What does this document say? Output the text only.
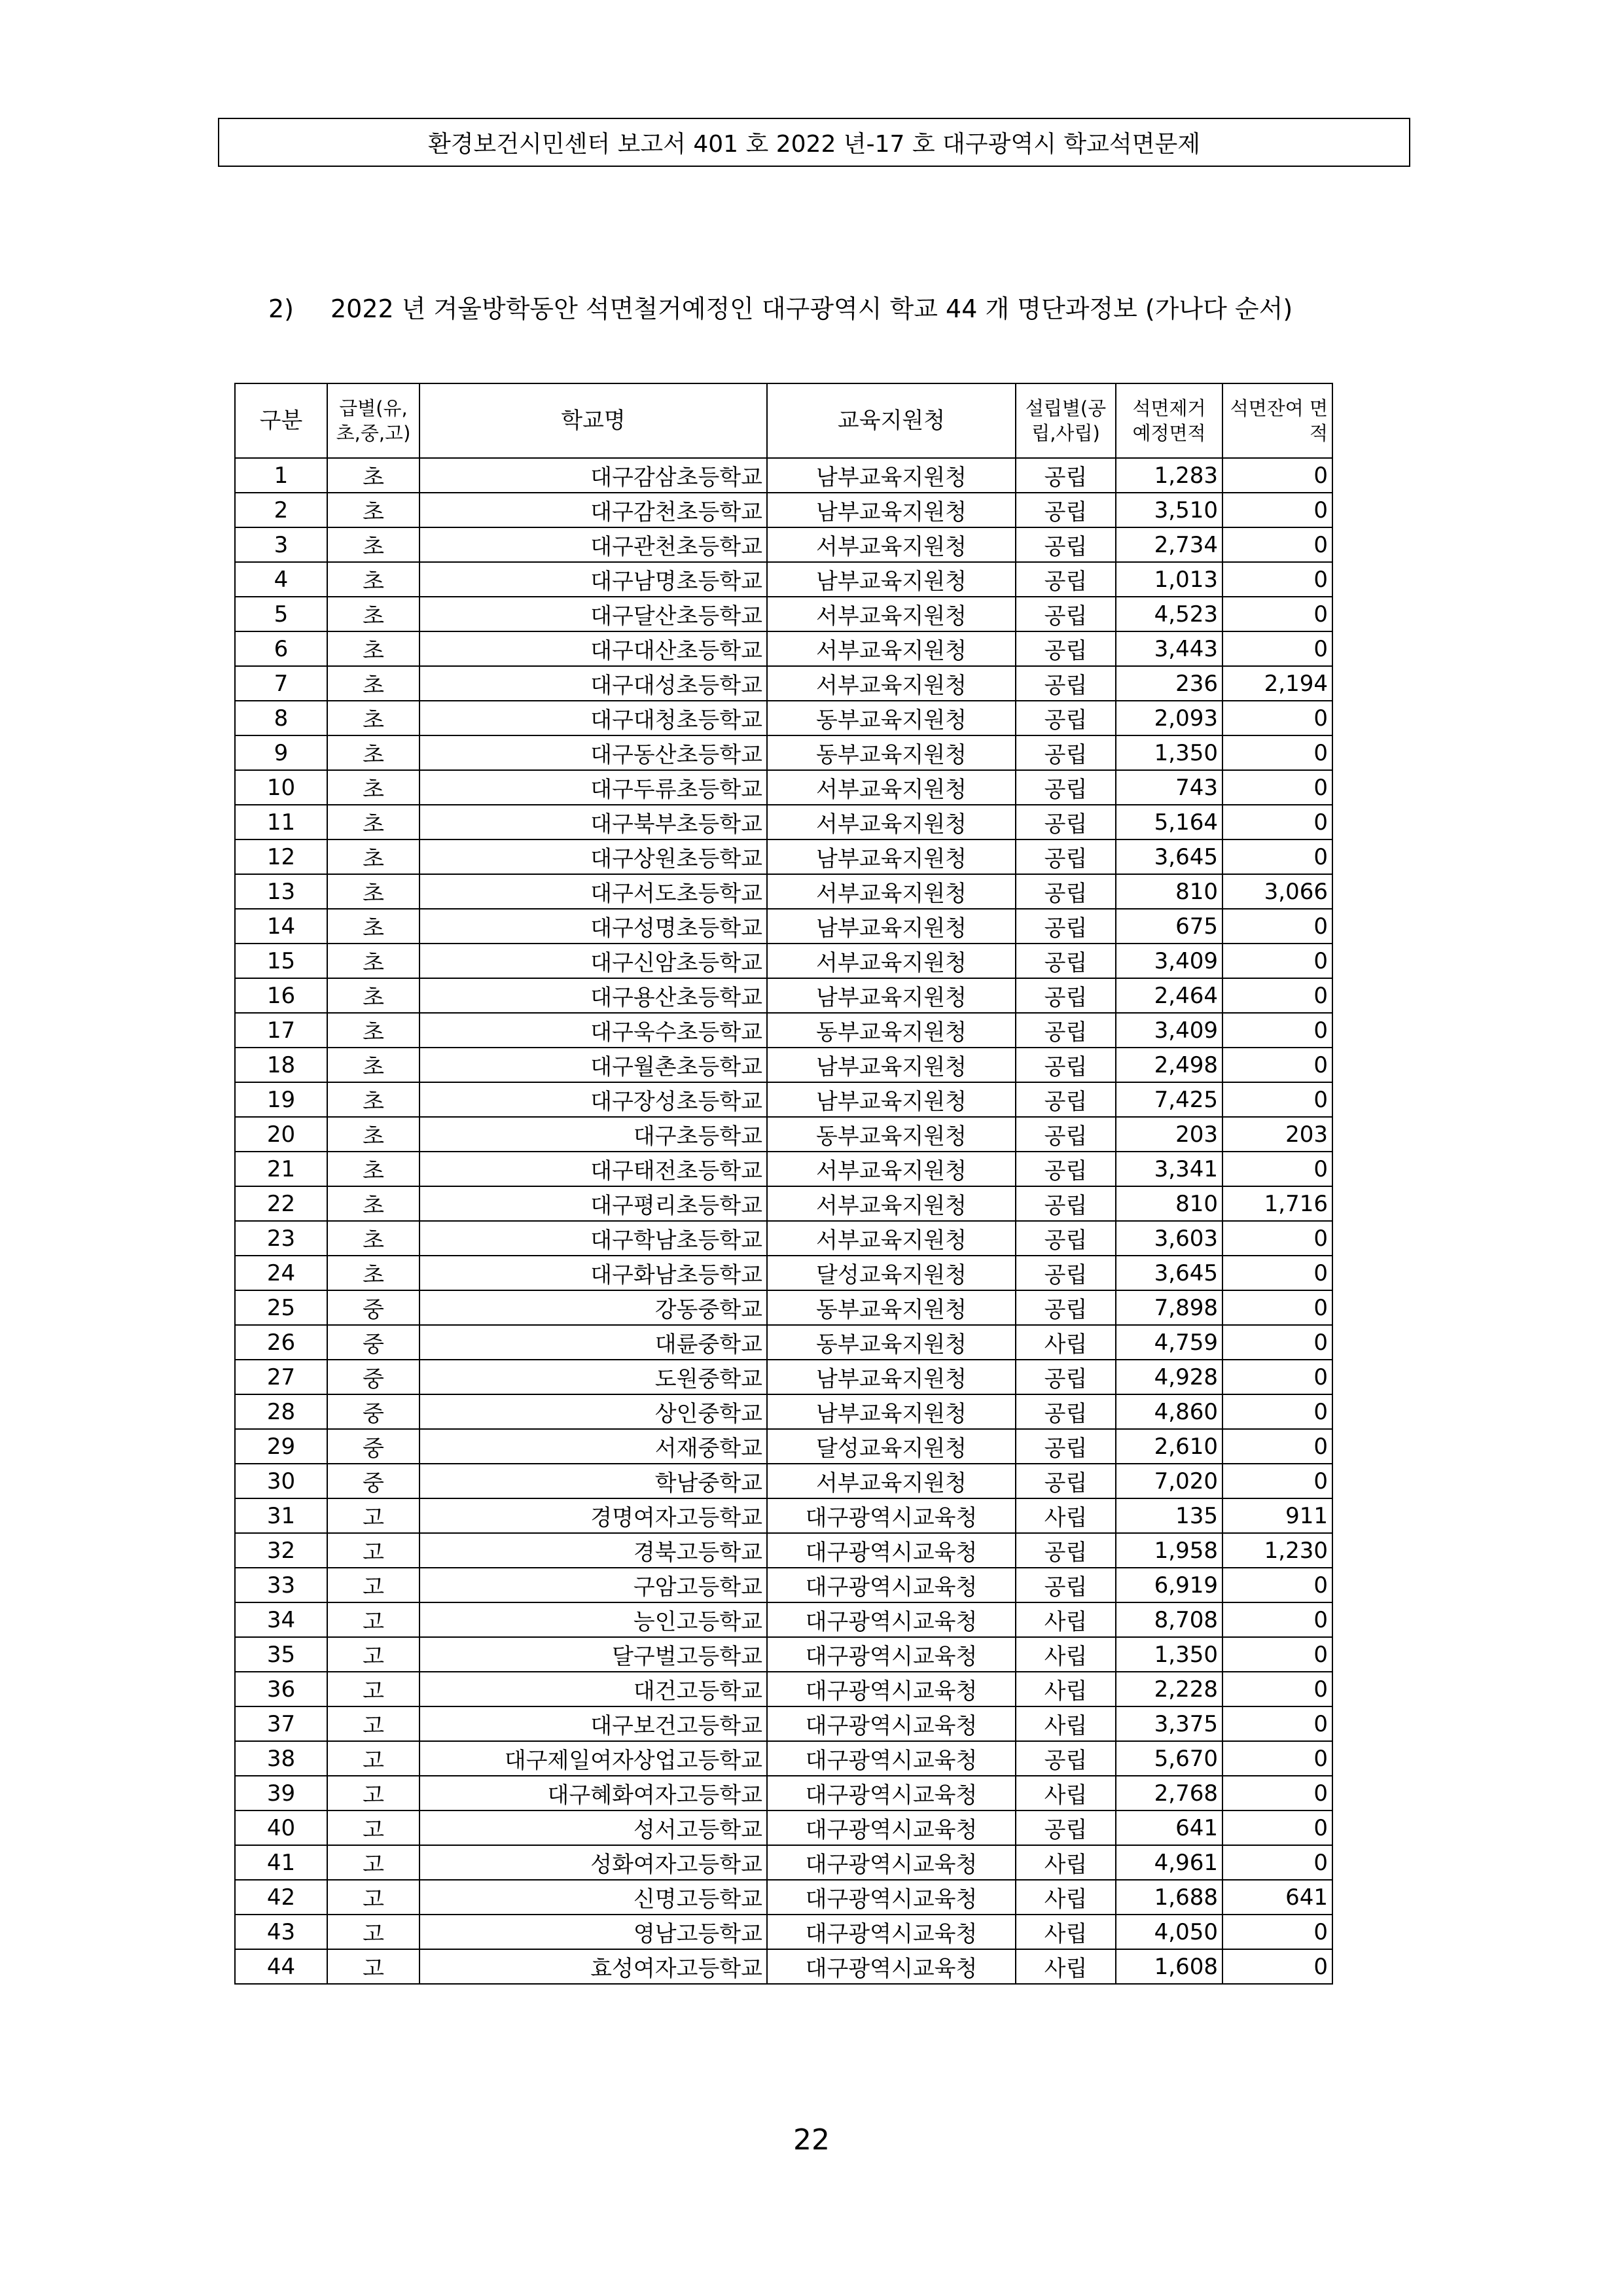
환경보건시민센터 보고서 401 호 2022 년-17 호 대구광역시 학교석면문제
2) 2022 년 겨울방학동안 석면철거예정인 대구광역시 학교 44 개 명단과정보 (가나다 순서)
구분	급별(유,초,중,고)	학교명	교육지원청	설립별(공립,사립)	석면제거 예정면적	석면잔여 면적
1	초	대구감삼초등학교	남부교육지원청	공립	1,283	0
2	초	대구감천초등학교	남부교육지원청	공립	3,510	0
3	초	대구관천초등학교	서부교육지원청	공립	2,734	0
4	초	대구남명초등학교	남부교육지원청	공립	1,013	0
5	초	대구달산초등학교	서부교육지원청	공립	4,523	0
6	초	대구대산초등학교	서부교육지원청	공립	3,443	0
7	초	대구대성초등학교	서부교육지원청	공립	236	2,194
8	초	대구대청초등학교	동부교육지원청	공립	2,093	0
9	초	대구동산초등학교	동부교육지원청	공립	1,350	0
10	초	대구두류초등학교	서부교육지원청	공립	743	0
11	초	대구북부초등학교	서부교육지원청	공립	5,164	0
12	초	대구상원초등학교	남부교육지원청	공립	3,645	0
13	초	대구서도초등학교	서부교육지원청	공립	810	3,066
14	초	대구성명초등학교	남부교육지원청	공립	675	0
15	초	대구신암초등학교	서부교육지원청	공립	3,409	0
16	초	대구용산초등학교	남부교육지원청	공립	2,464	0
17	초	대구욱수초등학교	동부교육지원청	공립	3,409	0
18	초	대구월촌초등학교	남부교육지원청	공립	2,498	0
19	초	대구장성초등학교	남부교육지원청	공립	7,425	0
20	초	대구초등학교	동부교육지원청	공립	203	203
21	초	대구태전초등학교	서부교육지원청	공립	3,341	0
22	초	대구평리초등학교	서부교육지원청	공립	810	1,716
23	초	대구학남초등학교	서부교육지원청	공립	3,603	0
24	초	대구화남초등학교	달성교육지원청	공립	3,645	0
25	중	강동중학교	동부교육지원청	공립	7,898	0
26	중	대륜중학교	동부교육지원청	사립	4,759	0
27	중	도원중학교	남부교육지원청	공립	4,928	0
28	중	상인중학교	남부교육지원청	공립	4,860	0
29	중	서재중학교	달성교육지원청	공립	2,610	0
30	중	학남중학교	서부교육지원청	공립	7,020	0
31	고	경명여자고등학교	대구광역시교육청	사립	135	911
32	고	경북고등학교	대구광역시교육청	공립	1,958	1,230
33	고	구암고등학교	대구광역시교육청	공립	6,919	0
34	고	능인고등학교	대구광역시교육청	사립	8,708	0
35	고	달구벌고등학교	대구광역시교육청	사립	1,350	0
36	고	대건고등학교	대구광역시교육청	사립	2,228	0
37	고	대구보건고등학교	대구광역시교육청	사립	3,375	0
38	고	대구제일여자상업고등학교	대구광역시교육청	공립	5,670	0
39	고	대구혜화여자고등학교	대구광역시교육청	사립	2,768	0
40	고	성서고등학교	대구광역시교육청	공립	641	0
41	고	성화여자고등학교	대구광역시교육청	사립	4,961	0
42	고	신명고등학교	대구광역시교육청	사립	1,688	641
43	고	영남고등학교	대구광역시교육청	사립	4,050	0
44	고	효성여자고등학교	대구광역시교육청	사립	1,608	0
22
